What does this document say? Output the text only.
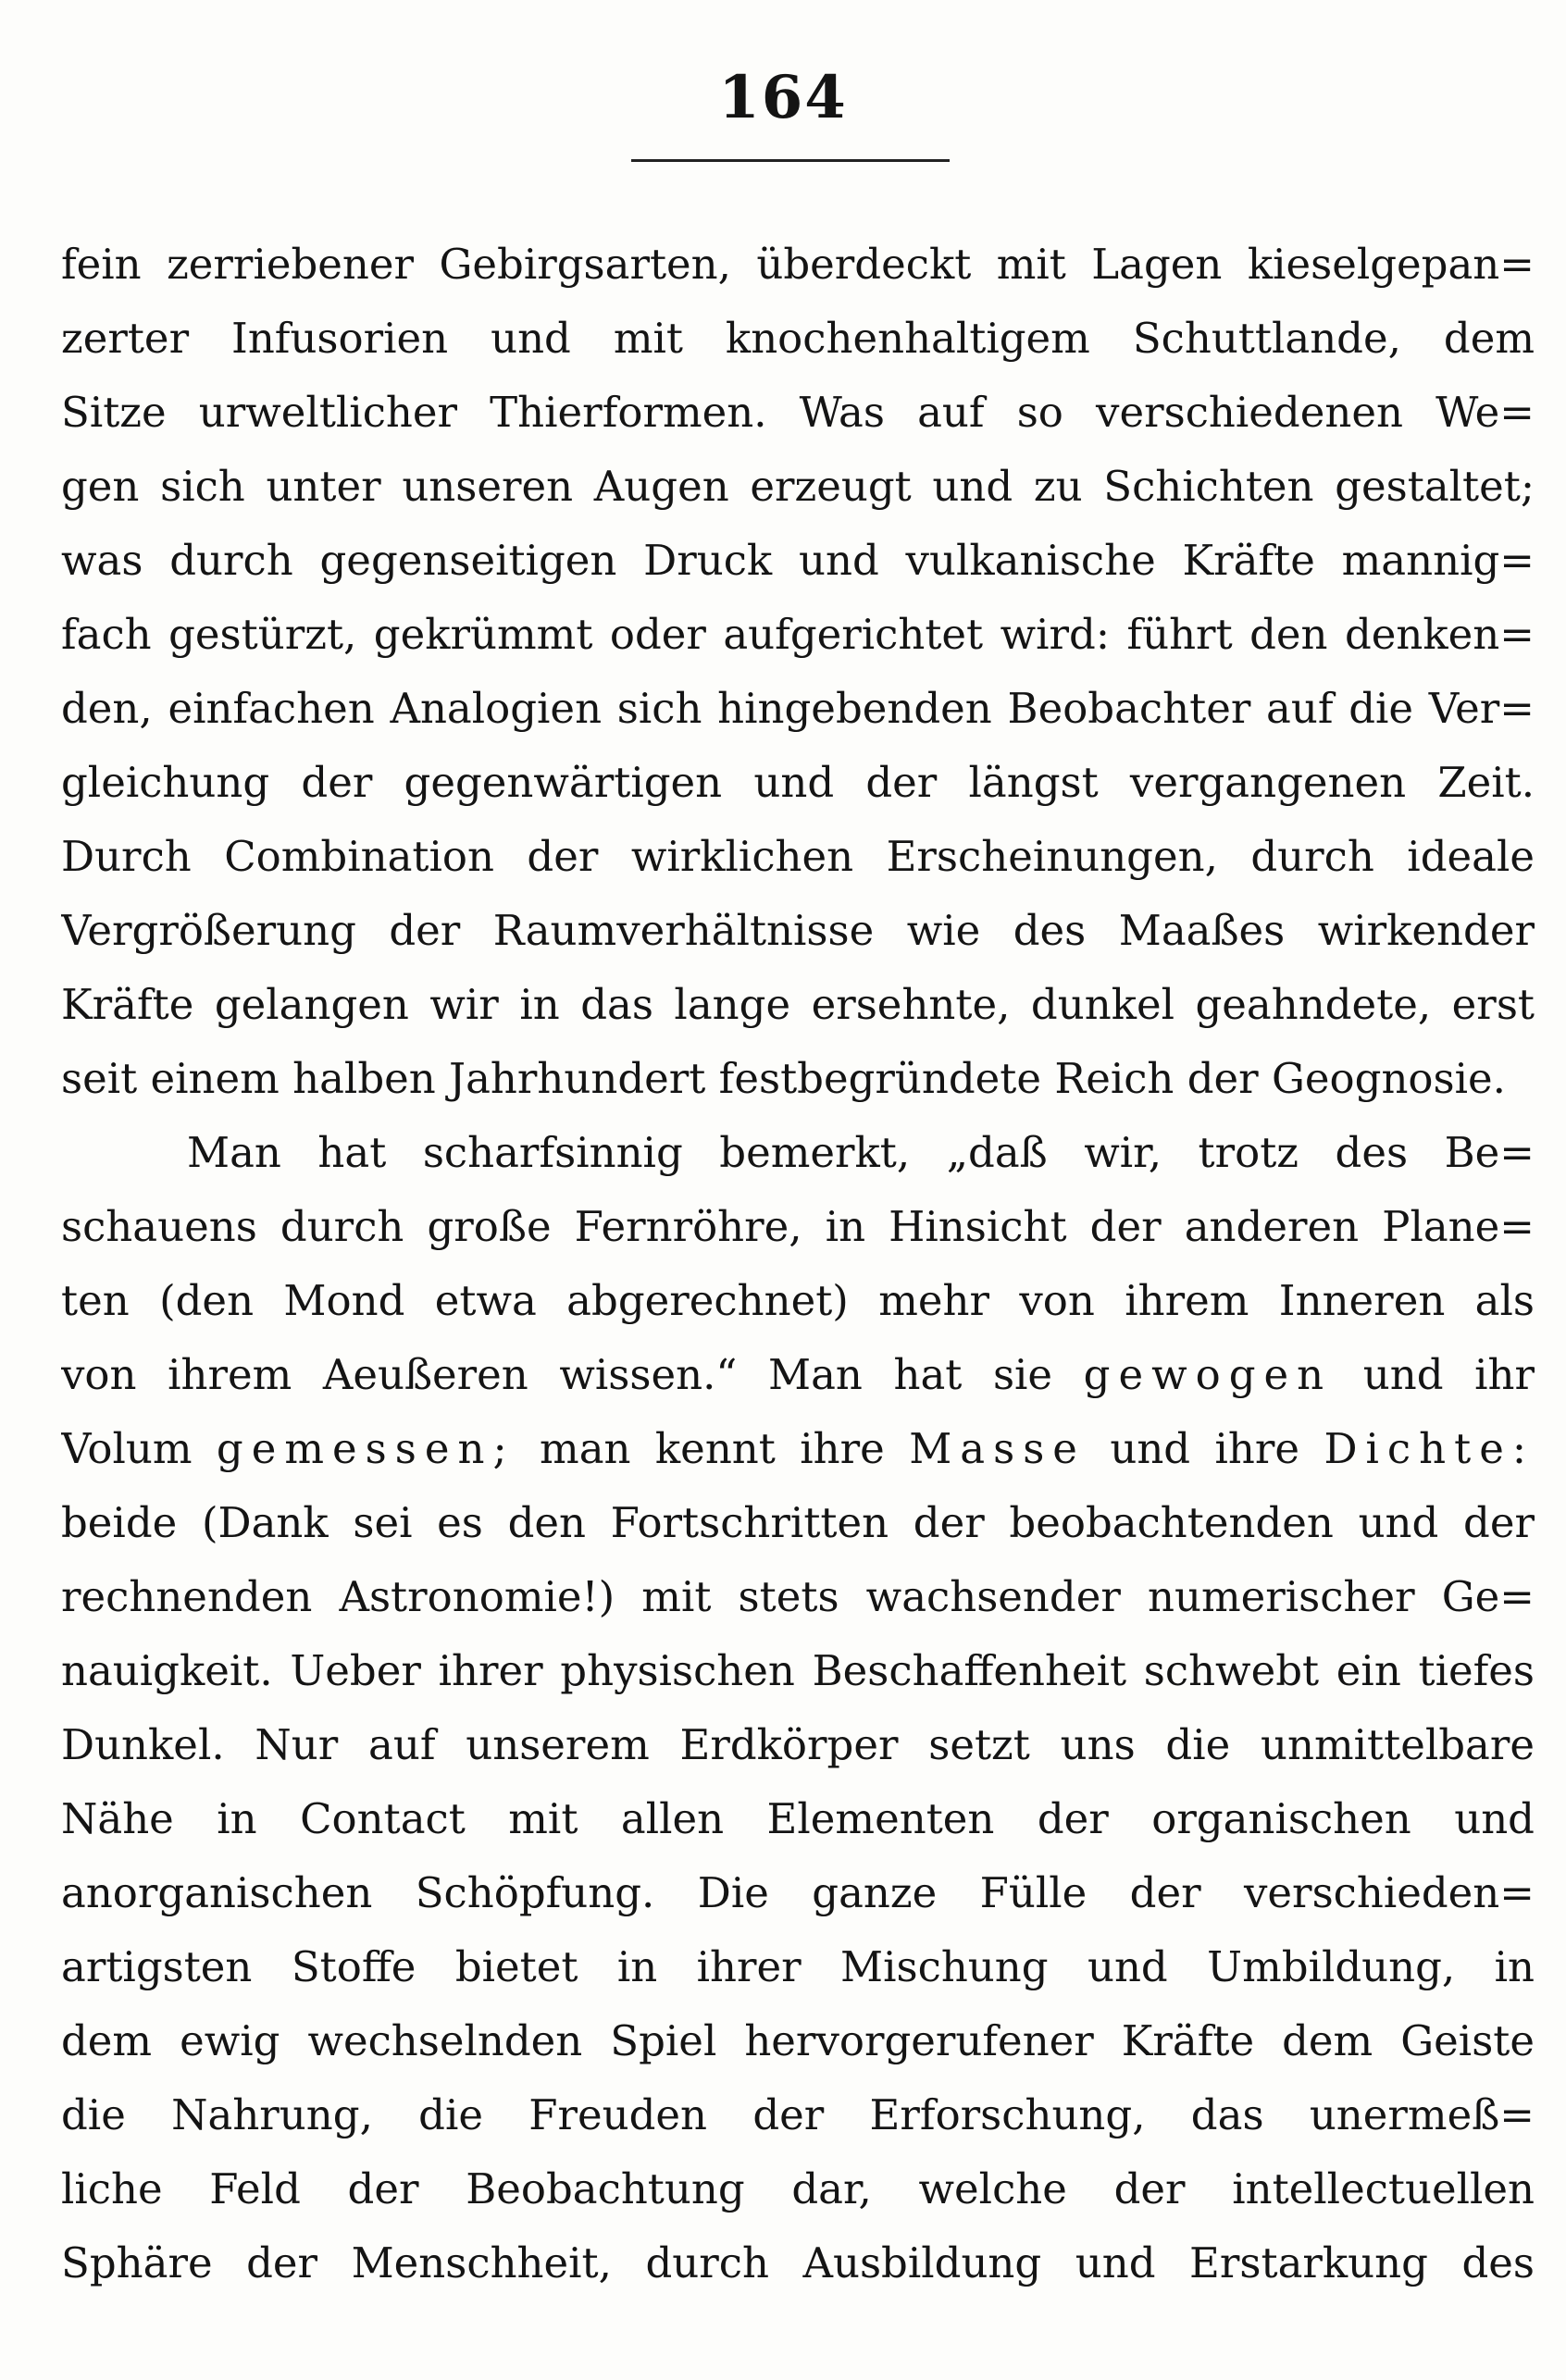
164
fein zerriebener Gebirgsarten, überdeckt mit Lagen kieselgepan=
zerter Infusorien und mit knochenhaltigem Schuttlande, dem
Sitze urweltlicher Thierformen. Was auf so verschiedenen We=
gen sich unter unseren Augen erzeugt und zu Schichten gestaltet;
was durch gegenseitigen Druck und vulkanische Kräfte mannig=
fach gestürzt, gekrümmt oder aufgerichtet wird: führt den denken=
den, einfachen Analogien sich hingebenden Beobachter auf die Ver=
gleichung der gegenwärtigen und der längst vergangenen Zeit.
Durch Combination der wirklichen Erscheinungen, durch ideale
Vergrößerung der Raumverhältnisse wie des Maaßes wirkender
Kräfte gelangen wir in das lange ersehnte, dunkel geahndete, erst
seit einem halben Jahrhundert festbegründete Reich der Geognosie.
Man hat scharfsinnig bemerkt, „daß wir, trotz des Be=
schauens durch große Fernröhre, in Hinsicht der anderen Plane=
ten (den Mond etwa abgerechnet) mehr von ihrem Inneren als
von ihrem Aeußeren wissen.“ Man hat sie gewogen und ihr
Volum gemessen; man kennt ihre Masse und ihre Dichte:
beide (Dank sei es den Fortschritten der beobachtenden und der
rechnenden Astronomie!) mit stets wachsender numerischer Ge=
nauigkeit. Ueber ihrer physischen Beschaffenheit schwebt ein tiefes
Dunkel. Nur auf unserem Erdkörper setzt uns die unmittelbare
Nähe in Contact mit allen Elementen der organischen und
anorganischen Schöpfung. Die ganze Fülle der verschieden=
artigsten Stoffe bietet in ihrer Mischung und Umbildung, in
dem ewig wechselnden Spiel hervorgerufener Kräfte dem Geiste
die Nahrung, die Freuden der Erforschung, das unermeß=
liche Feld der Beobachtung dar, welche der intellectuellen
Sphäre der Menschheit, durch Ausbildung und Erstarkung des
